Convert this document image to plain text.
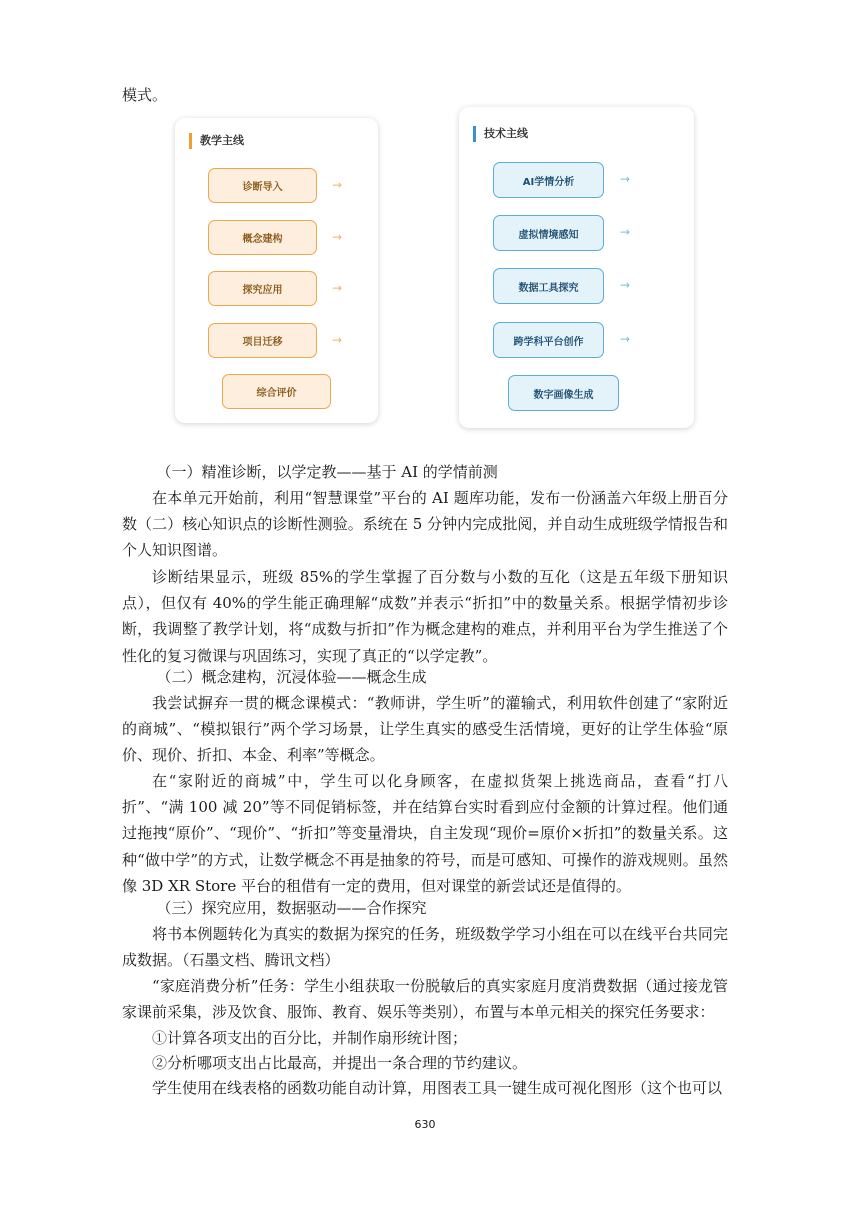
模式。
教学主线
诊断导入	→
概念建构	→
探究应用	→
项目迁移	→
综合评价
技术主线
AI学情分析	→
虚拟情境感知	→
数据工具探究	→
跨学科平台创作	→
数字画像生成

（一）精准诊断，以学定教——基于 AI 的学情前测

在本单元开始前，利用“智慧课堂”平台的 AI 题库功能，发布一份涵盖六年级上册百分数（二）核心知识点的诊断性测验。系统在 5 分钟内完成批阅，并自动生成班级学情报告和个人知识图谱。

诊断结果显示，班级 85%的学生掌握了百分数与小数的互化（这是五年级下册知识点），但仅有 40%的学生能正确理解“成数”并表示“折扣”中的数量关系。根据学情初步诊断，我调整了教学计划，将“成数与折扣”作为概念建构的难点，并利用平台为学生推送了个性化的复习微课与巩固练习，实现了真正的“以学定教”。

（二）概念建构，沉浸体验——概念生成

我尝试摒弃一贯的概念课模式：“教师讲，学生听”的灌输式，利用软件创建了“家附近的商城”、“模拟银行”两个学习场景，让学生真实的感受生活情境，更好的让学生体验“原价、现价、折扣、本金、利率”等概念。

在“家附近的商城”中，学生可以化身顾客，在虚拟货架上挑选商品，查看“打八折”、“满 100 减 20”等不同促销标签，并在结算台实时看到应付金额的计算过程。他们通过拖拽“原价”、“现价”、“折扣”等变量滑块，自主发现“现价=原价×折扣”的数量关系。这种“做中学”的方式，让数学概念不再是抽象的符号，而是可感知、可操作的游戏规则。虽然像 3D XR Store 平台的租借有一定的费用，但对课堂的新尝试还是值得的。

（三）探究应用，数据驱动——合作探究

将书本例题转化为真实的数据为探究的任务，班级数学学习小组在可以在线平台共同完成数据。（石墨文档、腾讯文档）

“家庭消费分析”任务：学生小组获取一份脱敏后的真实家庭月度消费数据（通过接龙管家课前采集，涉及饮食、服饰、教育、娱乐等类别），布置与本单元相关的探究任务要求：

①计算各项支出的百分比，并制作扇形统计图；

②分析哪项支出占比最高，并提出一条合理的节约建议。

学生使用在线表格的函数功能自动计算，用图表工具一键生成可视化图形（这个也可以

630
